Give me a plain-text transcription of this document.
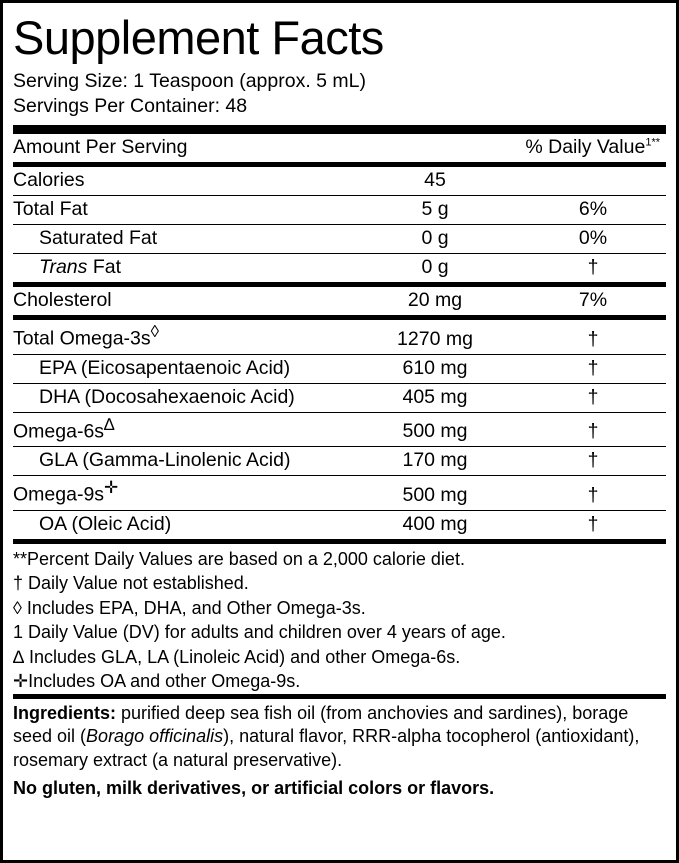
Supplement Facts
Serving Size: 1 Teaspoon (approx. 5 mL)
Servings Per Container: 48
Amount Per Serving		% Daily Value$^{1**}$
Calories	45	
Total Fat	5 g	6%
Saturated Fat	0 g	0%
Trans Fat	0 g	†
Cholesterol	20 mg	7%
Total Omega-3s◊	1270 mg	†
EPA (Eicosapentaenoic Acid)	610 mg	†
DHA (Docosahexaenoic Acid)	405 mg	†
Omega-6s∆	500 mg	†
GLA (Gamma-Linolenic Acid)	170 mg	†
Omega-9s✛	500 mg	†
OA (Oleic Acid)	400 mg	†
**Percent Daily Values are based on a 2,000 calorie diet.
† Daily Value not established.
◊ Includes EPA, DHA, and Other Omega-3s.
1 Daily Value (DV) for adults and children over 4 years of age.
∆ Includes GLA, LA (Linoleic Acid) and other Omega-6s.
✛Includes OA and other Omega-9s.
Ingredients: purified deep sea fish oil (from anchovies and sardines), borage seed oil (Borago officinalis), natural flavor, RRR-alpha tocopherol (antioxidant), rosemary extract (a natural preservative).
No gluten, milk derivatives, or artificial colors or flavors.
